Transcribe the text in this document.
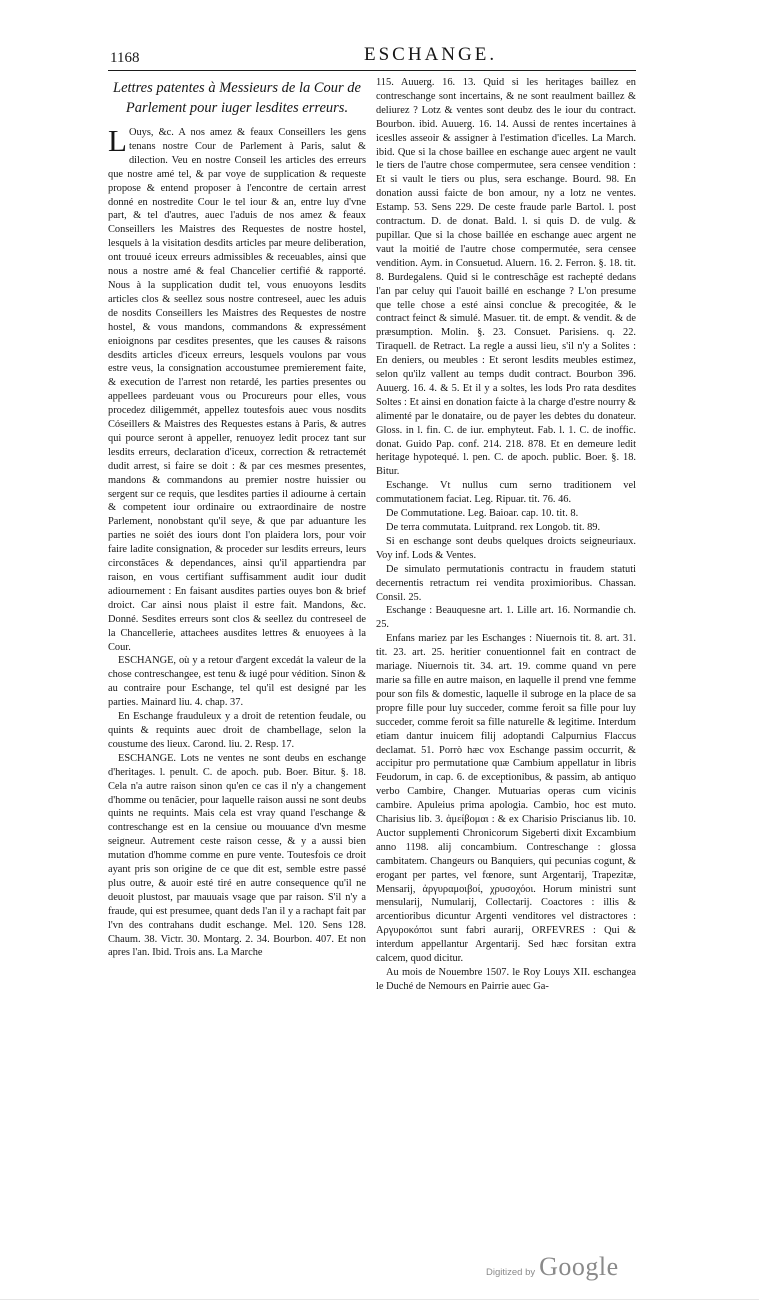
1168	ESCHANGE.
Lettres patentes à Messieurs de la Cour de Parlement pour iuger lesdites erreurs.

L Ouys, &c. A nos amez & feaux Conseillers les gens tenans nostre Cour de Parlement à Paris, salut & dilection. Veu en nostre Conseil les articles des erreurs que nostre amé tel, & par voye de supplication & requeste propose & entend proposer à l'encontre de certain arrest donné en nostredite Cour le tel iour & an, entre luy d'vne part, & tel d'autres, auec l'aduis de nos amez & feaux Conseillers les Maistres des Requestes de nostre hostel, lesquels à la visitation desdits articles par meure deliberation, ont trouué iceux erreurs admissibles & receuables, ainsi que nous a nostre amé & feal Chancelier certifié & rapporté. Nous à la supplication dudit tel, vous enuoyons lesdits articles clos & seellez sous nostre contreseel, auec les aduis de nosdits Conseillers les Maistres des Requestes de nostre hostel, & vous mandons, commandons & expressément enioignons par cesdites presentes, que les causes & raisons desdits articles d'iceux erreurs, lesquels voulons par vous estre veus, la consignation accoustumee premierement faite, & execution de l'arrest non retardé, les parties presentes ou appellees pardeuant vous ou Procureurs pour elles, vous procedez diligemmét, appellez toutesfois auec vous nosdits Cóseillers & Maistres des Requestes estans à Paris, & autres qui pource seront à appeller, renuoyez ledit procez tant sur lesdits erreurs, declaration d'iceux, correction & retractemét dudit arrest, si faire se doit : & par ces mesmes presentes, mandons & commandons au premier nostre huissier ou sergent sur ce requis, que lesdites parties il adiourne à certain & competent iour ordinaire ou extraordinaire de nostre Parlement, nonobstant qu'il seye, & que par aduanture les parties ne soiét des iours dont l'on plaidera lors, pour voir faire ladite consignation, & proceder sur lesdits erreurs, leurs circonstãces & dependances, ainsi qu'il appartiendra par raison, en vous certifiant suffisamment audit iour dudit adiournement : En faisant ausdites parties ouyes bon & brief droict. Car ainsi nous plaist il estre fait. Mandons, &c. Donné. Sesdites erreurs sont clos & seellez du contreseel de la Chancellerie, attachees ausdites lettres & enuoyees à la Cour.

ESCHANGE, où y a retour d'argent excedát la valeur de la chose contreschangee, est tenu & iugé pour védition. Sinon & au contraire pour Eschange, tel qu'il est designé par les parties. Mainard liu. 4. chap. 37.

En Eschange frauduleux y a droit de retention feudale, ou quints & requints auec droit de chambellage, selon la coustume des lieux. Carond. liu. 2. Resp. 17.

ESCHANGE. Lots ne ventes ne sont deubs en eschange d'heritages. l. penult. C. de apoch. pub. Boer. Bitur. §. 18. Cela n'a autre raison sinon qu'en ce cas il n'y a changement d'homme ou tenãcier, pour laquelle raison aussi ne sont deubs quints ne requints. Mais cela est vray quand l'eschange & contreschange est en la censiue ou mouuance d'vn mesme seigneur. Autrement ceste raison cesse, & y a aussi bien mutation d'homme comme en pure vente. Toutesfois ce droit ayant pris son origine de ce que dit est, semble estre passé plus outre, & auoir esté tiré en autre consequence qu'il ne deuoit plustost, par mauuais vsage que par raison. S'il n'y a fraude, qui est presumee, quant deds l'an il y a rachapt fait par l'vn des contrahans dudit eschange. Mel. 120. Sens 128. Chaum. 38. Victr. 30. Montarg. 2. 34. Bourbon. 407. Et non apres l'an. Ibid. Trois ans. La Marche

115. Auuerg. 16. 13. Quid si les heritages baillez en contreschange sont incertains, & ne sont reaulment baillez & deliurez ? Lotz & ventes sont deubz des le iour du contract. Bourbon. ibid. Auuerg. 16. 14. Aussi de rentes incertaines à iceslles asseoir & assigner à l'estimation d'icelles. La March. ibid. Que si la chose baillee en eschange auec argent ne vault le tiers de l'autre chose compermutee, sera censee vendition : Et si vault le tiers ou plus, sera eschange. Bourd. 98. En donation aussi faicte de bon amour, ny a lotz ne ventes. Estamp. 53. Sens 229. De ceste fraude parle Bartol. l. post contractum. D. de donat. Bald. l. si quis D. de vulg. & pupillar. Que si la chose baillée en eschange auec argent ne vaut la moitié de l'autre chose compermutée, sera censee vendition. Aym. in Consuetud. Aluern. 16. 2. Ferron. §. 18. tit. 8. Burdegalens. Quid si le contreschãge est rachepté dedans l'an par celuy qui l'auoit baillé en eschange ? L'on presume que telle chose a esté ainsi conclue & precogitée, & le contract feinct & simulé. Masuer. tit. de empt. & vendit. & de præsumption. Molin. §. 23. Consuet. Parisiens. q. 22. Tiraquell. de Retract. La regle a aussi lieu, s'il n'y a Solites : En deniers, ou meubles : Et seront lesdits meubles estimez, selon qu'ilz vallent au temps dudit contract. Bourbon 396. Auuerg. 16. 4. & 5. Et il y a soltes, les lods Pro rata desdites Soltes : Et ainsi en donation faicte à la charge d'estre nourry & alimenté par le donataire, ou de payer les debtes du donateur. Gloss. in l. fin. C. de iur. emphyteut. Fab. l. 1. C. de inoffic. donat. Guido Pap. conf. 214. 218. 878. Et en demeure ledit heritage hypotequé. l. pen. C. de apoch. public. Boer. §. 18. Bitur.

Eschange. Vt nullus cum serno traditionem vel commutationem faciat. Leg. Ripuar. tit. 76. 46.

De Commutatione. Leg. Baioar. cap. 10. tit. 8.

De terra commutata. Luitprand. rex Longob. tit. 89.

Si en eschange sont deubs quelques droicts seigneuriaux. Voy inf. Lods & Ventes.

De simulato permutationis contractu in fraudem statuti decernentis retractum rei vendita proximioribus. Chassan. Consil. 25.

Eschange : Beauquesne art. 1. Lille art. 16. Normandie ch. 25.

Enfans mariez par les Eschanges : Niuernois tit. 8. art. 31. tit. 23. art. 25. heritier conuentionnel fait en contract de mariage. Niuernois tit. 34. art. 19. comme quand vn pere marie sa fille en autre maison, en laquelle il prend vne femme pour son fils & domestic, laquelle il subroge en la place de sa propre fille pour luy succeder, comme feroit sa fille pour luy succeder, comme feroit sa fille naturelle & legitime. Interdum etiam dantur inuicem filij adoptandi Calpurnius Flaccus declamat. 51. Porrò hæc vox Eschange passim occurrit, & accipitur pro permutatione quæ Cambium appellatur in libris Feudorum, in cap. 6. de exceptionibus, & passim, ab antiquo verbo Cambire, Changer. Mutuarias operas cum vicinis cambire. Apuleius prima apologia. Cambio, hoc est muto. Charisius lib. 3. ἀμείβομαι : & ex Charisio Priscianus lib. 10. Auctor supplementi Chronicorum Sigeberti dixit Excambium anno 1198. alij concambium. Contreschange : glossa cambitatem. Changeurs ou Banquiers, qui pecunias cogunt, & erogant per partes, vel fœnore, sunt Argentarij, Trapezitæ, Mensarij, ἀργυραμοιβοί, χρυσοχόοι. Horum ministri sunt mensularij, Numularij, Collectarij. Coactores : illis & arcentioribus dicuntur Argenti venditores vel distractores : Αργυροκόποι sunt fabri aurarij, ORFEVRES : Qui & interdum appellantur Argentarij. Sed hæc forsitan extra calcem, quod dicitur.

Au mois de Nouembre 1507. le Roy Louys XII. eschangea le Duché de Nemours en Pairrie auec Ga-

Digitized by Google
